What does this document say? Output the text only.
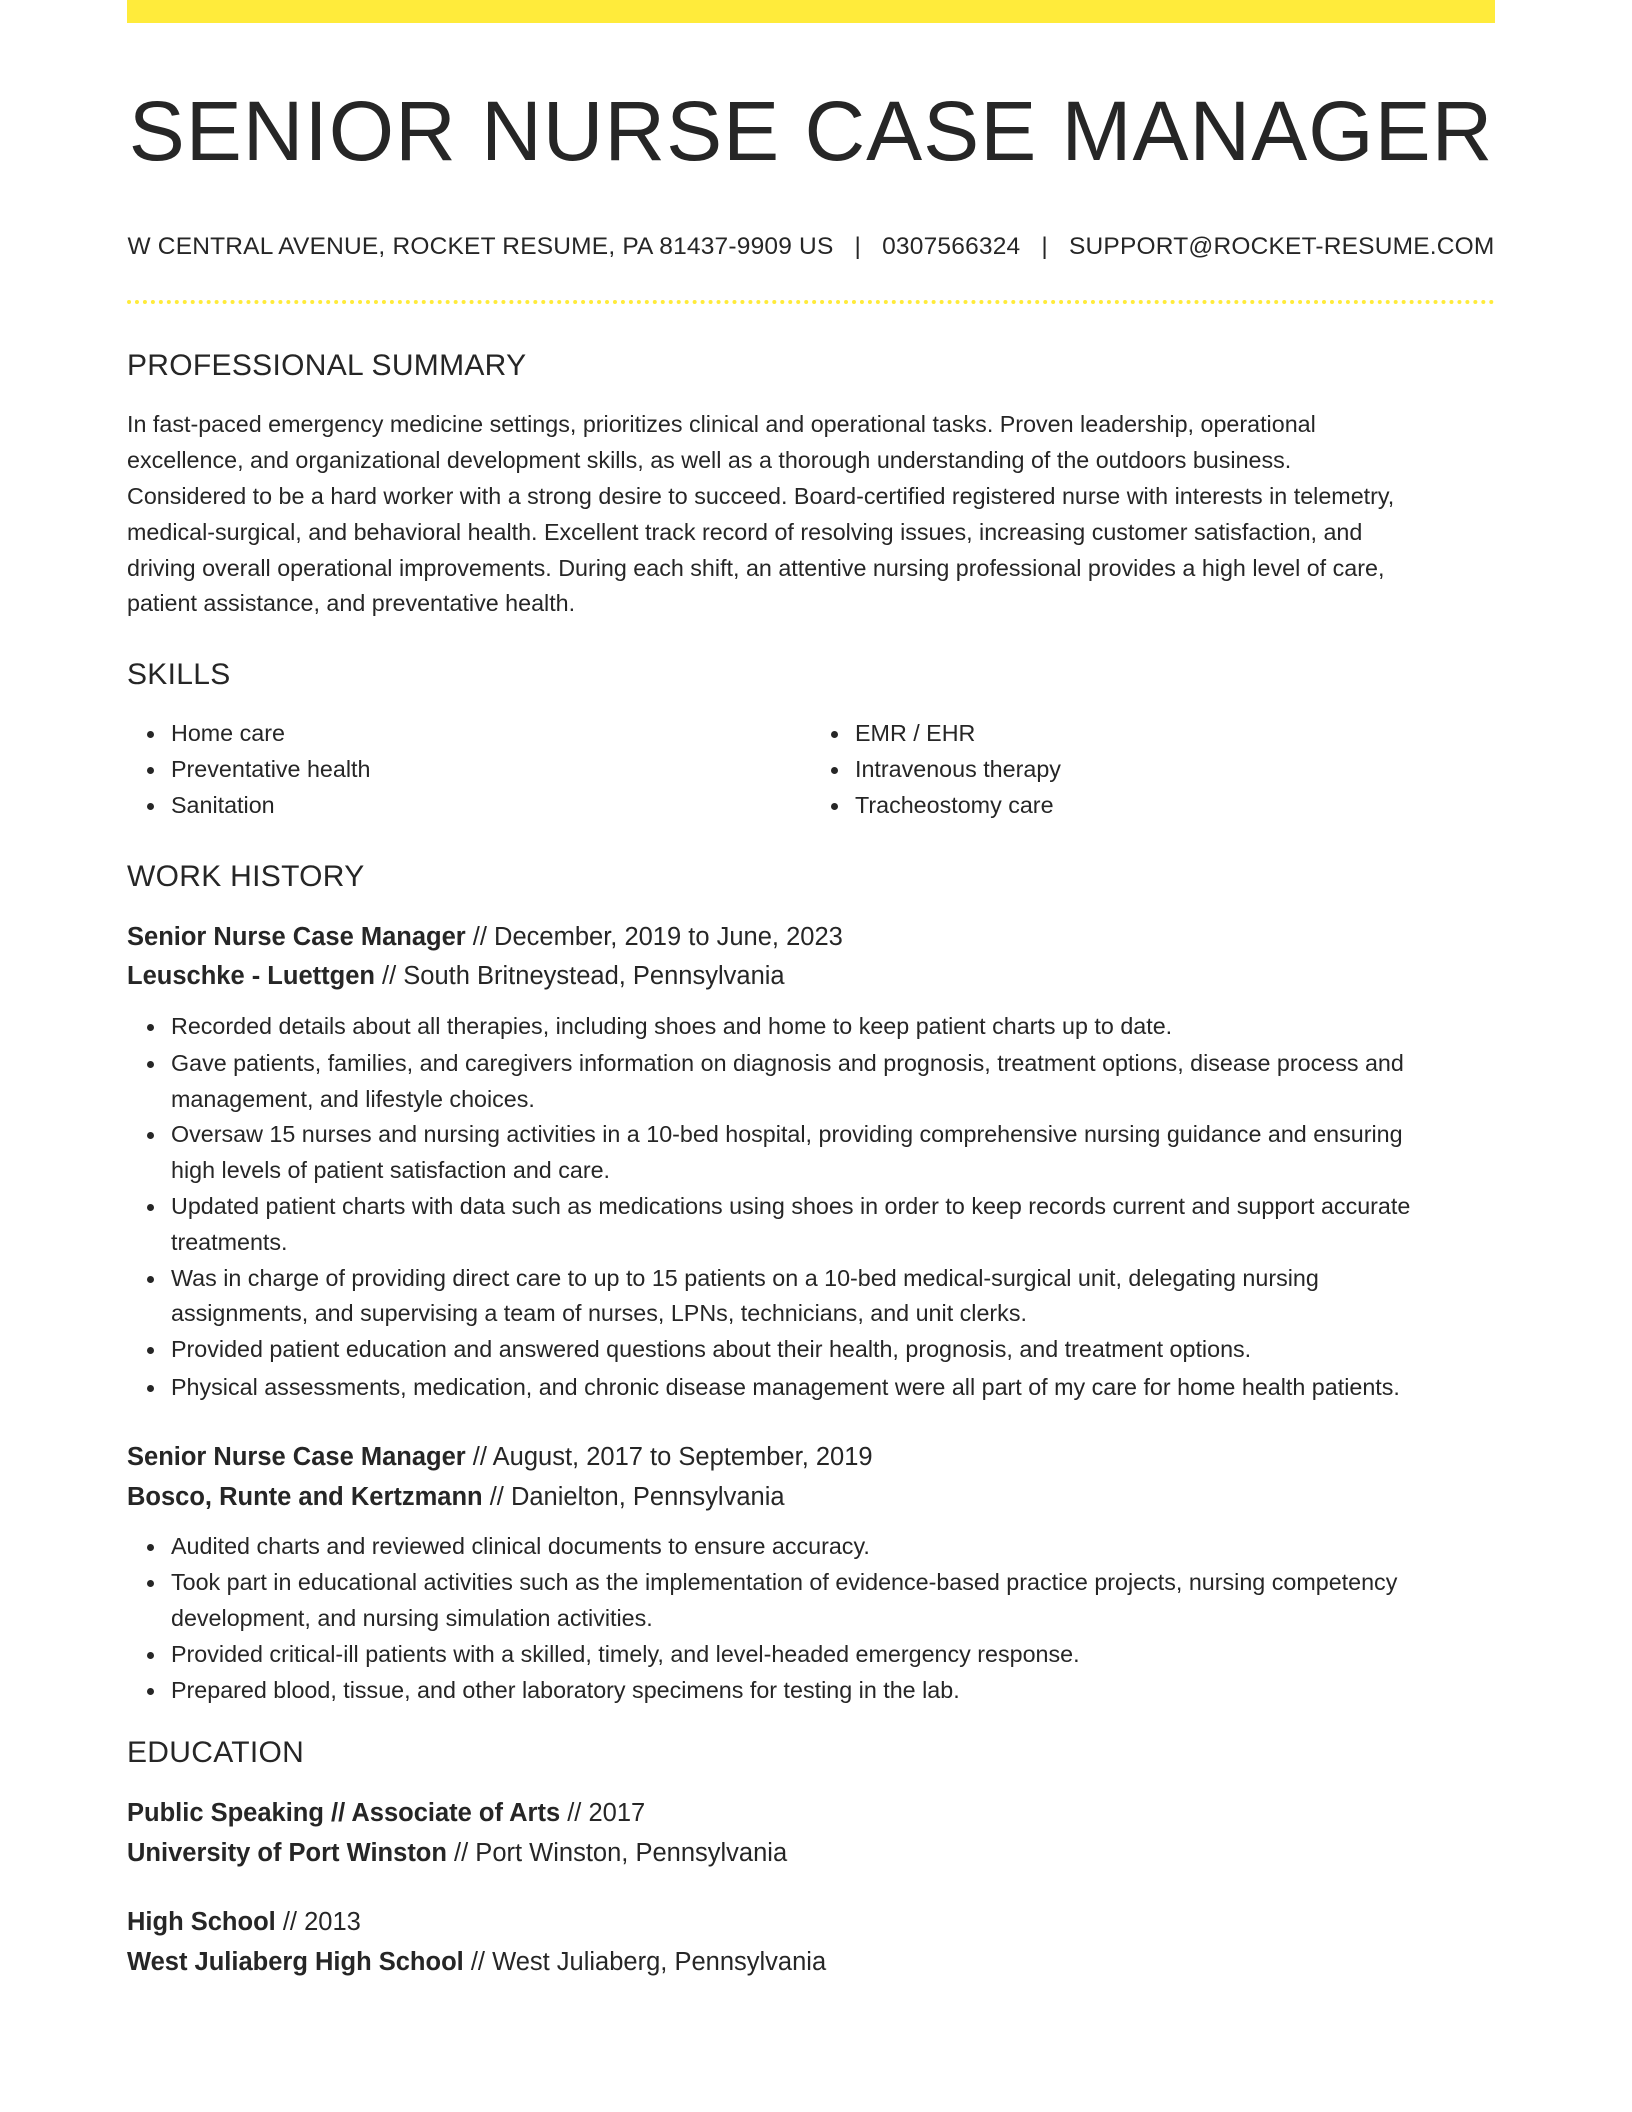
SENIOR NURSE CASE MANAGER
W CENTRAL AVENUE, ROCKET RESUME, PA 81437-9909 US | 0307566324 | SUPPORT@ROCKET-RESUME.COM
PROFESSIONAL SUMMARY
In fast-paced emergency medicine settings, prioritizes clinical and operational tasks. Proven leadership, operational
excellence, and organizational development skills, as well as a thorough understanding of the outdoors business.
Considered to be a hard worker with a strong desire to succeed. Board-certified registered nurse with interests in telemetry,
medical-surgical, and behavioral health. Excellent track record of resolving issues, increasing customer satisfaction, and
driving overall operational improvements. During each shift, an attentive nursing professional provides a high level of care,
patient assistance, and preventative health.
SKILLS
Home care
Preventative health
Sanitation
EMR / EHR
Intravenous therapy
Tracheostomy care
WORK HISTORY
Senior Nurse Case Manager // December, 2019 to June, 2023
Leuschke - Luettgen // South Britneystead, Pennsylvania
Recorded details about all therapies, including shoes and home to keep patient charts up to date.
Gave patients, families, and caregivers information on diagnosis and prognosis, treatment options, disease process and
management, and lifestyle choices.
Oversaw 15 nurses and nursing activities in a 10-bed hospital, providing comprehensive nursing guidance and ensuring
high levels of patient satisfaction and care.
Updated patient charts with data such as medications using shoes in order to keep records current and support accurate
treatments.
Was in charge of providing direct care to up to 15 patients on a 10-bed medical-surgical unit, delegating nursing
assignments, and supervising a team of nurses, LPNs, technicians, and unit clerks.
Provided patient education and answered questions about their health, prognosis, and treatment options.
Physical assessments, medication, and chronic disease management were all part of my care for home health patients.
Senior Nurse Case Manager // August, 2017 to September, 2019
Bosco, Runte and Kertzmann // Danielton, Pennsylvania
Audited charts and reviewed clinical documents to ensure accuracy.
Took part in educational activities such as the implementation of evidence-based practice projects, nursing competency
development, and nursing simulation activities.
Provided critical-ill patients with a skilled, timely, and level-headed emergency response.
Prepared blood, tissue, and other laboratory specimens for testing in the lab.
EDUCATION
Public Speaking // Associate of Arts // 2017
University of Port Winston // Port Winston, Pennsylvania
High School // 2013
West Juliaberg High School // West Juliaberg, Pennsylvania
